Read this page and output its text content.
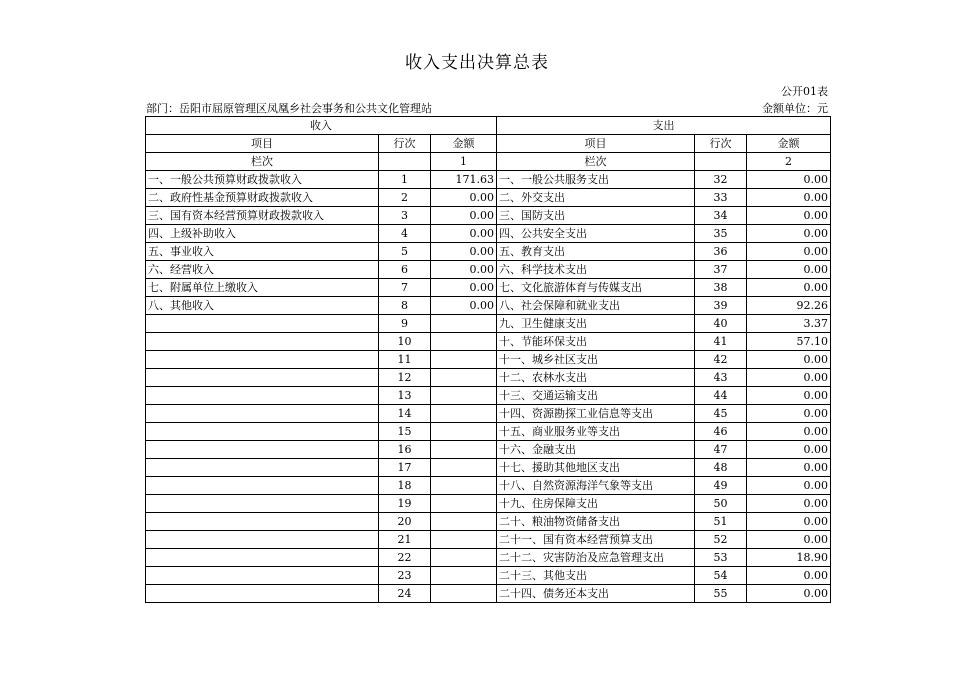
收入支出决算总表
公开01表
部门：岳阳市屈原管理区凤凰乡社会事务和公共文化管理站	金额单位：元
收入			支出		
项目	行次	金额	项目	行次	金额
栏次		1	栏次		2
一、一般公共预算财政拨款收入	1	171.63	一、一般公共服务支出	32	0.00
二、政府性基金预算财政拨款收入	2	0.00	二、外交支出	33	0.00
三、国有资本经营预算财政拨款收入	3	0.00	三、国防支出	34	0.00
四、上级补助收入	4	0.00	四、公共安全支出	35	0.00
五、事业收入	5	0.00	五、教育支出	36	0.00
六、经营收入	6	0.00	六、科学技术支出	37	0.00
七、附属单位上缴收入	7	0.00	七、文化旅游体育与传媒支出	38	0.00
八、其他收入	8	0.00	八、社会保障和就业支出	39	92.26
	9		九、卫生健康支出	40	3.37
	10		十、节能环保支出	41	57.10
	11		十一、城乡社区支出	42	0.00
	12		十二、农林水支出	43	0.00
	13		十三、交通运输支出	44	0.00
	14		十四、资源勘探工业信息等支出	45	0.00
	15		十五、商业服务业等支出	46	0.00
	16		十六、金融支出	47	0.00
	17		十七、援助其他地区支出	48	0.00
	18		十八、自然资源海洋气象等支出	49	0.00
	19		十九、住房保障支出	50	0.00
	20		二十、粮油物资储备支出	51	0.00
	21		二十一、国有资本经营预算支出	52	0.00
	22		二十二、灾害防治及应急管理支出	53	18.90
	23		二十三、其他支出	54	0.00
	24		二十四、债务还本支出	55	0.00
